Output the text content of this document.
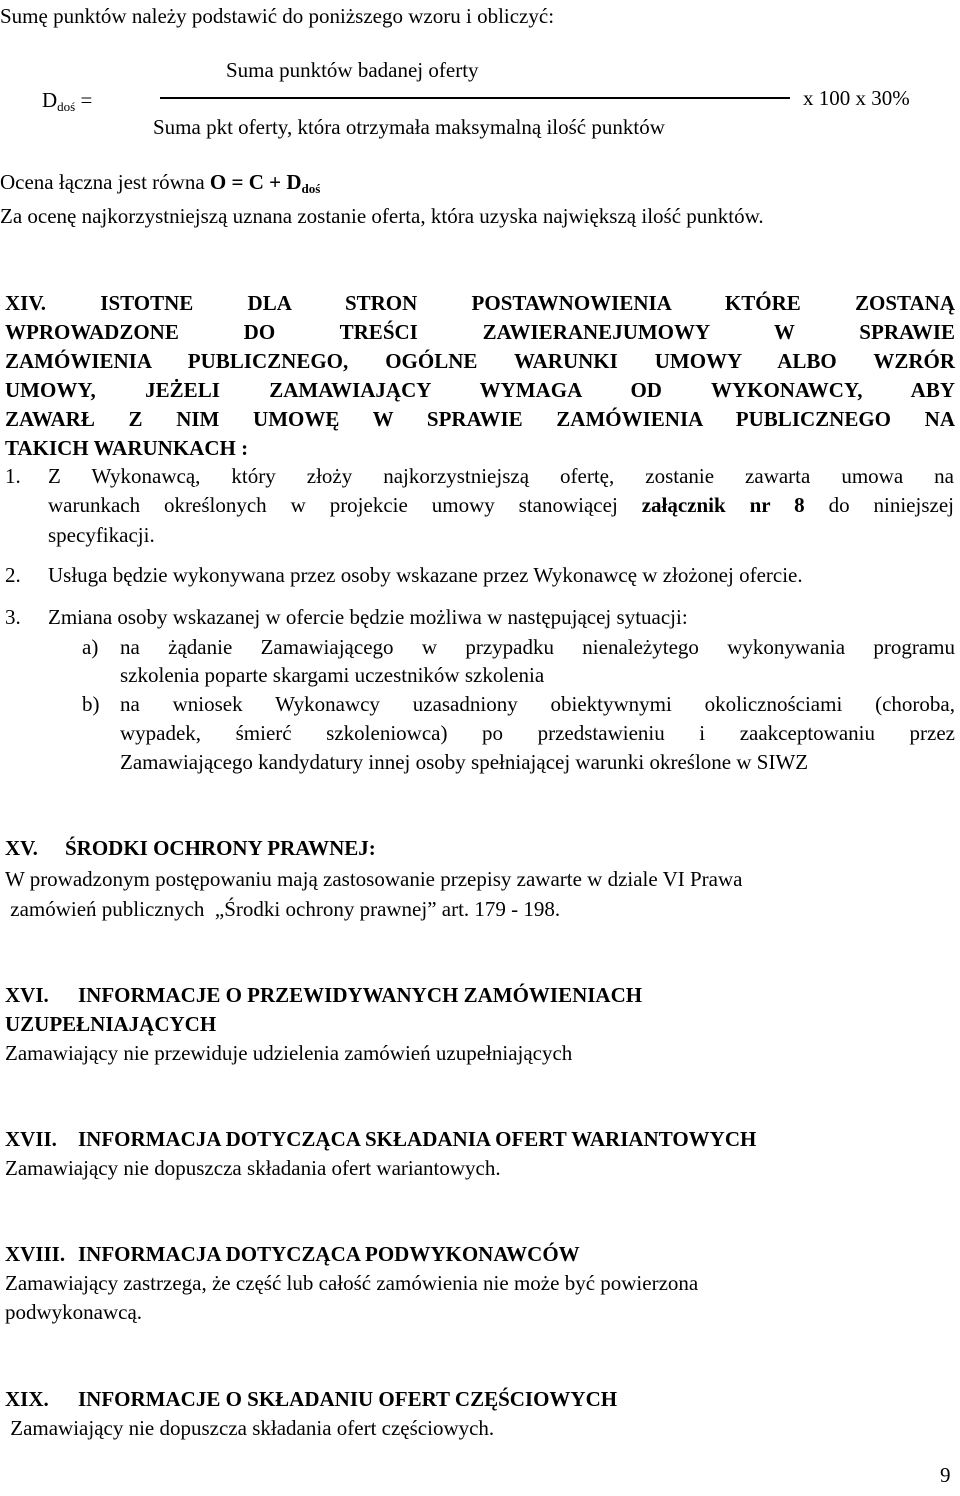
Sumę punktów należy podstawić do poniższego wzoru i obliczyć:
$D_{doś}$ =
Suma punktów badanej oferty
Suma pkt oferty, która otrzymała maksymalną ilość punktów
x 100 x 30%
Ocena łączna jest równa $O = C + D_{doś}$
Za ocenę najkorzystniejszą uznana zostanie oferta, która uzyska największą ilość punktów.
XIV. ISTOTNE DLA STRON POSTAWNOWIENIA KTÓRE ZOSTANĄ
WPROWADZONE DO TREŚCI ZAWIERANEJUMOWY W SPRAWIE
ZAMÓWIENIA PUBLICZNEGO, OGÓLNE WARUNKI UMOWY ALBO WZRÓR
UMOWY, JEŻELI ZAMAWIAJĄCY WYMAGA OD WYKONAWCY, ABY
ZAWARŁ Z NIM UMOWĘ W SPRAWIE ZAMÓWIENIA PUBLICZNEGO NA
TAKICH WARUNKACH :
1. Z Wykonawcą, który złoży najkorzystniejszą ofertę, zostanie zawarta umowa na
warunkach określonych w projekcie umowy stanowiącej załącznik nr 8 do niniejszej
specyfikacji.
2. Usługa będzie wykonywana przez osoby wskazane przez Wykonawcę w złożonej ofercie.
3. Zmiana osoby wskazanej w ofercie będzie możliwa w następującej sytuacji:
a) na żądanie Zamawiającego w przypadku nienależytego wykonywania programu
szkolenia poparte skargami uczestników szkolenia
b) na wniosek Wykonawcy uzasadniony obiektywnymi okolicznościami (choroba,
wypadek, śmierć szkoleniowca) po przedstawieniu i zaakceptowaniu przez
Zamawiającego kandydatury innej osoby spełniającej warunki określone w SIWZ
XV. ŚRODKI OCHRONY PRAWNEJ:
W prowadzonym postępowaniu mają zastosowanie przepisy zawarte w dziale VI Prawa
zamówień publicznych  „Środki ochrony prawnej” art. 179 - 198.
XVI. INFORMACJE O PRZEWIDYWANYCH ZAMÓWIENIACH
UZUPEŁNIAJĄCYCH
Zamawiający nie przewiduje udzielenia zamówień uzupełniających
XVII. INFORMACJA DOTYCZĄCA SKŁADANIA OFERT WARIANTOWYCH
Zamawiający nie dopuszcza składania ofert wariantowych.
XVIII. INFORMACJA DOTYCZĄCA PODWYKONAWCÓW
Zamawiający zastrzega, że część lub całość zamówienia nie może być powierzona
podwykonawcą.
XIX. INFORMACJE O SKŁADANIU OFERT CZĘŚCIOWYCH
Zamawiający nie dopuszcza składania ofert częściowych.
9
